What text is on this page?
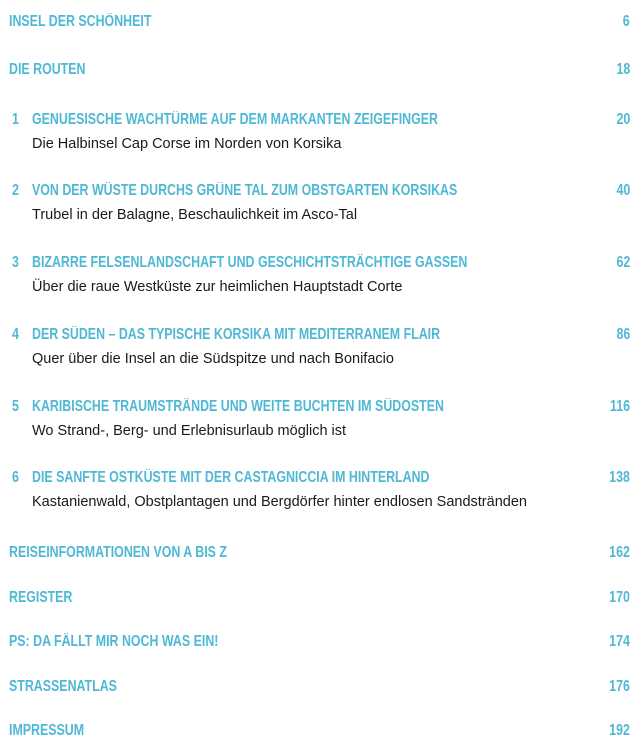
INSEL DER SCHÖNHEIT	6
DIE ROUTEN	18
1 GENUESISCHE WACHTÜRME AUF DEM MARKANTEN ZEIGEFINGER	20
Die Halbinsel Cap Corse im Norden von Korsika
2 VON DER WÜSTE DURCHS GRÜNE TAL ZUM OBSTGARTEN KORSIKAS	40
Trubel in der Balagne, Beschaulichkeit im Asco-Tal
3 BIZARRE FELSENLANDSCHAFT UND GESCHICHTSTRÄCHTIGE GASSEN	62
Über die raue Westküste zur heimlichen Hauptstadt Corte
4 DER SÜDEN – DAS TYPISCHE KORSIKA MIT MEDITERRANEM FLAIR	86
Quer über die Insel an die Südspitze und nach Bonifacio
5 KARIBISCHE TRAUMSTRÄNDE UND WEITE BUCHTEN IM SÜDOSTEN	116
Wo Strand-, Berg- und Erlebnisurlaub möglich ist
6 DIE SANFTE OSTKÜSTE MIT DER CASTAGNICCIA IM HINTERLAND	138
Kastanienwald, Obstplantagen und Bergdörfer hinter endlosen Sandstränden
REISEINFORMATIONEN VON A BIS Z	162
REGISTER	170
PS: DA FÄLLT MIR NOCH WAS EIN!	174
STRASSENATLAS	176
IMPRESSUM	192
